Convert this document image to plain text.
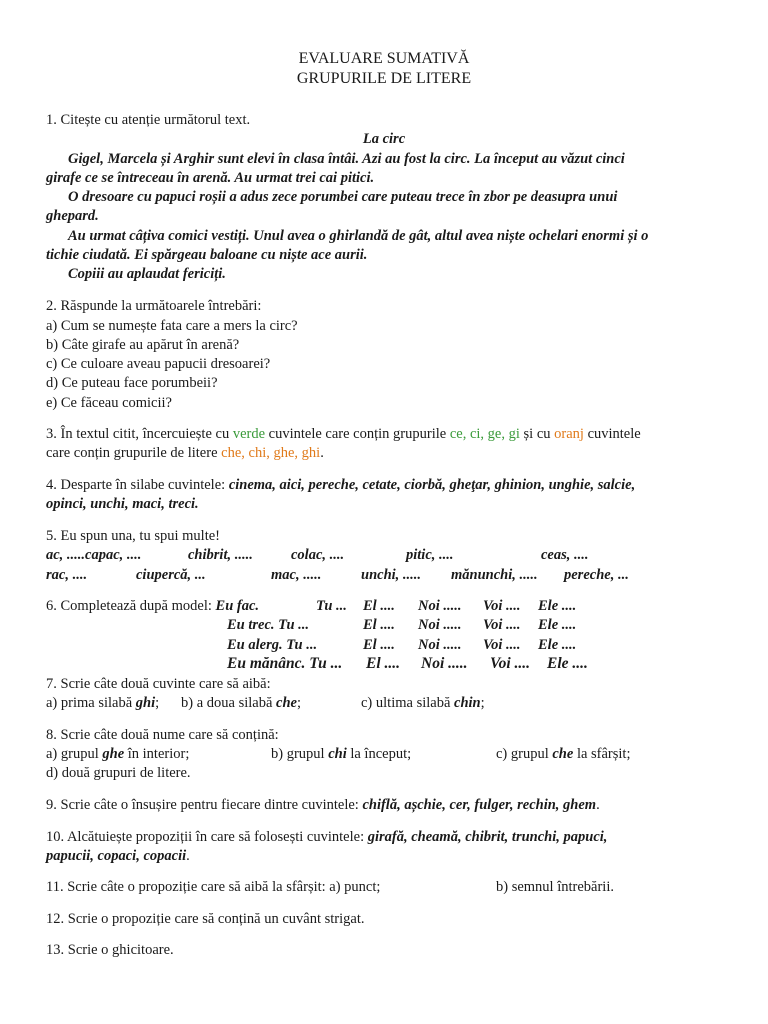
EVALUARE SUMATIVĂ
GRUPURILE DE LITERE
1. Citește cu atenție următorul text.
La circ
Gigel, Marcela și Arghir sunt elevi în clasa întâi. Azi au fost la circ. La început au văzut cinci
girafe ce se întreceau în arenă. Au urmat trei cai pitici.
O dresoare cu papuci roșii a adus zece porumbei care puteau trece în zbor pe deasupra unui
ghepard.
Au urmat câțiva comici vestiți. Unul avea o ghirlandă de gât, altul avea niște ochelari enormi și o
tichie ciudată. Ei spărgeau baloane cu niște ace aurii.
Copiii au aplaudat fericiți.
2. Răspunde la următoarele întrebări:
a) Cum se numește fata care a mers la circ?
b) Câte girafe au apărut în arenă?
c) Ce culoare aveau papucii dresoarei?
d) Ce puteau face porumbeii?
e) Ce făceau comicii?
3. În textul citit, încercuiește cu verde cuvintele care conțin grupurile ce, ci, ge, gi și cu oranj cuvintele
care conțin grupurile de litere che, chi, ghe, ghi.
4. Desparte în silabe cuvintele: cinema, aici, pereche, cetate, ciorbă, gheţar, ghinion, unghie, salcie,
opinci, unchi, maci, treci.
5. Eu spun una, tu spui multe!
ac, .....capac, ....	chibrit, .....	colac, ....	pitic, ....	ceas, ....
rac, ....	ciupercă, ...	mac, .....	unchi, ..... mănunchi, ..... pereche, ...
6. Completează după model: Eu fac.	Tu ... El .... Noi ..... Voi .... Ele ....
Eu trec. Tu ...	El .... Noi ..... Voi .... Ele ....
Eu alerg. Tu ...	El .... Noi ..... Voi .... Ele ....
Eu mănânc. Tu ... El .... Noi ..... Voi .... Ele ....
7. Scrie câte două cuvinte care să aibă:
a) prima silabă ghi; b) a doua silabă che;	c) ultima silabă chin;
8. Scrie câte două nume care să conțină:
a) grupul ghe în interior;	b) grupul chi la început;	c) grupul che la sfârșit;
d) două grupuri de litere.
9. Scrie câte o însușire pentru fiecare dintre cuvintele: chiflă, așchie, cer, fulger, rechin, ghem.
10. Alcătuiește propoziții în care să folosești cuvintele: girafă, cheamă, chibrit, trunchi, papuci,
papucii, copaci, copacii.
11. Scrie câte o propoziție care să aibă la sfârșit: a) punct;	b) semnul întrebării.
12. Scrie o propoziție care să conțină un cuvânt strigat.
13. Scrie o ghicitoare.
